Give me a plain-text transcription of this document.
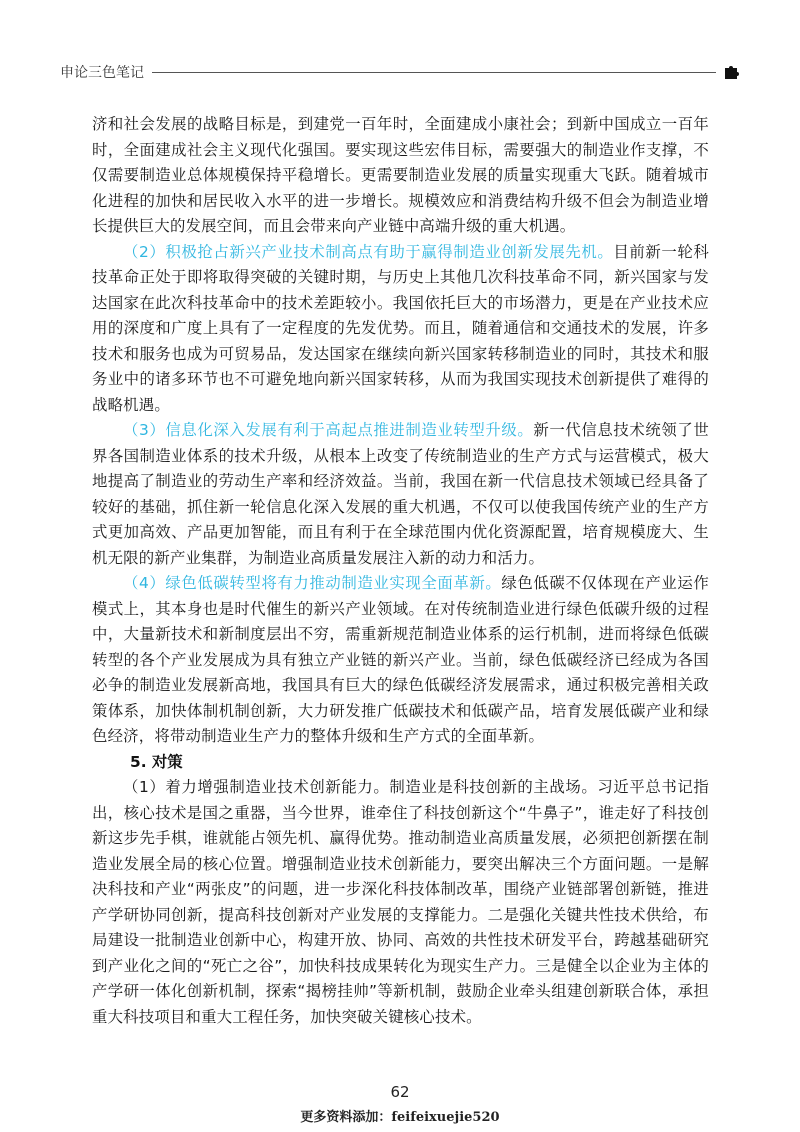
申论三色笔记

济和社会发展的战略目标是，到建党一百年时，全面建成小康社会；到新中国成立一百年时，全面建成社会主义现代化强国。要实现这些宏伟目标，需要强大的制造业作支撑，不仅需要制造业总体规模保持平稳增长。更需要制造业发展的质量实现重大飞跃。随着城市化进程的加快和居民收入水平的进一步增长。规模效应和消费结构升级不但会为制造业增长提供巨大的发展空间，而且会带来向产业链中高端升级的重大机遇。

（2）积极抢占新兴产业技术制高点有助于赢得制造业创新发展先机。目前新一轮科技革命正处于即将取得突破的关键时期，与历史上其他几次科技革命不同，新兴国家与发达国家在此次科技革命中的技术差距较小。我国依托巨大的市场潜力，更是在产业技术应用的深度和广度上具有了一定程度的先发优势。而且，随着通信和交通技术的发展，许多技术和服务也成为可贸易品，发达国家在继续向新兴国家转移制造业的同时，其技术和服务业中的诸多环节也不可避免地向新兴国家转移，从而为我国实现技术创新提供了难得的战略机遇。

（3）信息化深入发展有利于高起点推进制造业转型升级。新一代信息技术统领了世界各国制造业体系的技术升级，从根本上改变了传统制造业的生产方式与运营模式，极大地提高了制造业的劳动生产率和经济效益。当前，我国在新一代信息技术领域已经具备了较好的基础，抓住新一轮信息化深入发展的重大机遇，不仅可以使我国传统产业的生产方式更加高效、产品更加智能，而且有利于在全球范围内优化资源配置，培育规模庞大、生机无限的新产业集群，为制造业高质量发展注入新的动力和活力。

（4）绿色低碳转型将有力推动制造业实现全面革新。绿色低碳不仅体现在产业运作模式上，其本身也是时代催生的新兴产业领域。在对传统制造业进行绿色低碳升级的过程中，大量新技术和新制度层出不穷，需重新规范制造业体系的运行机制，进而将绿色低碳转型的各个产业发展成为具有独立产业链的新兴产业。当前，绿色低碳经济已经成为各国必争的制造业发展新高地，我国具有巨大的绿色低碳经济发展需求，通过积极完善相关政策体系，加快体制机制创新，大力研发推广低碳技术和低碳产品，培育发展低碳产业和绿色经济，将带动制造业生产力的整体升级和生产方式的全面革新。

5. 对策

（1）着力增强制造业技术创新能力。制造业是科技创新的主战场。习近平总书记指出，核心技术是国之重器，当今世界，谁牵住了科技创新这个“牛鼻子”，谁走好了科技创新这步先手棋，谁就能占领先机、赢得优势。推动制造业高质量发展，必须把创新摆在制造业发展全局的核心位置。增强制造业技术创新能力，要突出解决三个方面问题。一是解决科技和产业“两张皮”的问题，进一步深化科技体制改革，围绕产业链部署创新链，推进产学研协同创新，提高科技创新对产业发展的支撑能力。二是强化关键共性技术供给，布局建设一批制造业创新中心，构建开放、协同、高效的共性技术研发平台，跨越基础研究到产业化之间的“死亡之谷”，加快科技成果转化为现实生产力。三是健全以企业为主体的产学研一体化创新机制，探索“揭榜挂帅”等新机制，鼓励企业牵头组建创新联合体，承担重大科技项目和重大工程任务，加快突破关键核心技术。

62
更多资料添加：feifeixuejie520
